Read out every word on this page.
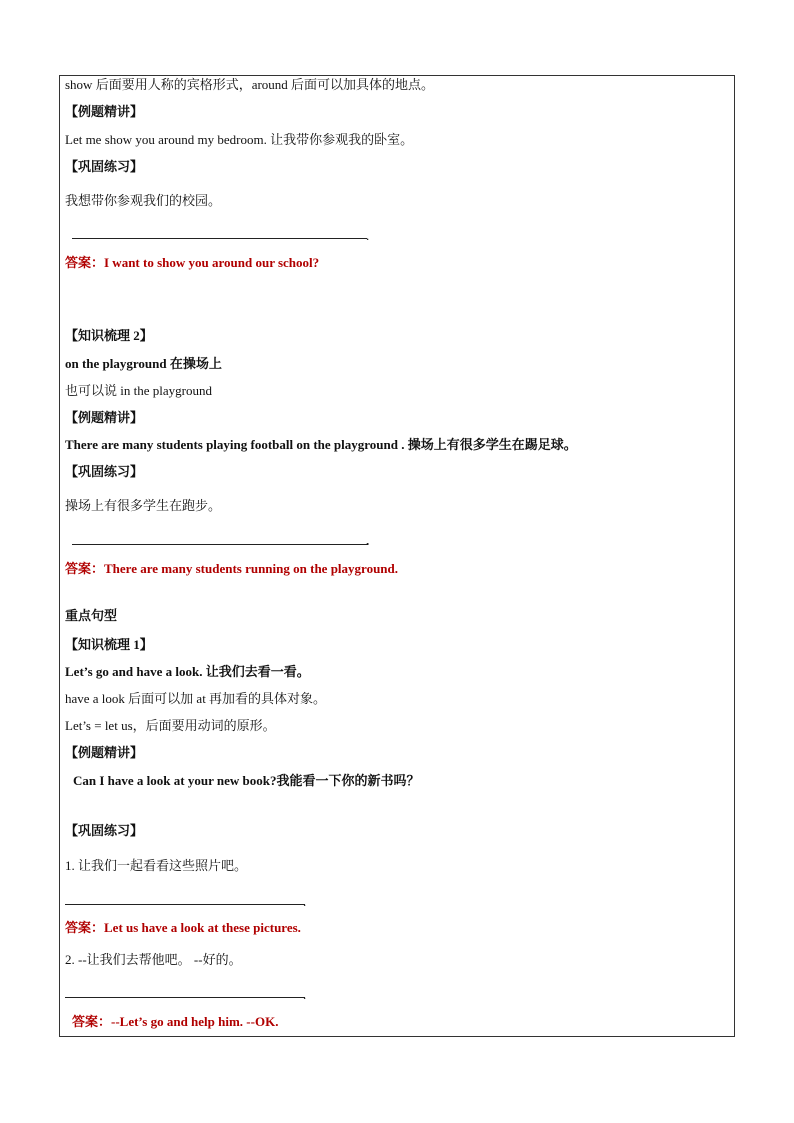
show 后面要用人称的宾格形式，around 后面可以加具体的地点。
【例题精讲】
Let me show you around my bedroom. 让我带你参观我的卧室。
【巩固练习】
我想带你参观我们的校园。
.
答案：I want to show you around our school?
【知识梳理 2】
on the playground 在操场上
也可以说 in the playground
【例题精讲】
There are many students playing football on the playground . 操场上有很多学生在踢足球。
【巩固练习】
操场上有很多学生在跑步。
.
答案：There are many students running on the playground.
重点句型
【知识梳理 1】
Let’s go and have a look. 让我们去看一看。
have a look 后面可以加 at 再加看的具体对象。
Let’s = let us，后面要用动词的原形。
【例题精讲】
Can I have a look at your new book?我能看一下你的新书吗？
【巩固练习】
1. 让我们一起看看这些照片吧。
.
答案：Let us have a look at these pictures.
2. --让我们去帮他吧。 --好的。
.
答案：--Let’s go and help him. --OK.
